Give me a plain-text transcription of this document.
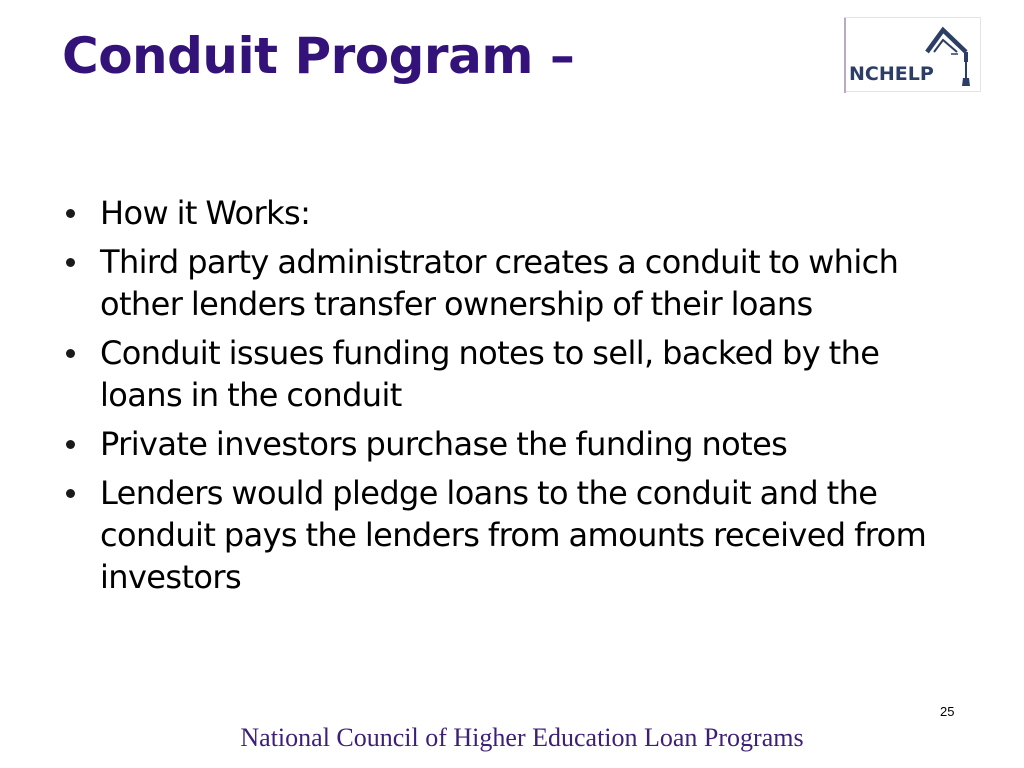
Conduit Program –	NCHELP
How it Works:
Third party administrator creates a conduit to which other lenders transfer ownership of their loans
Conduit issues funding notes to sell, backed by the loans in the conduit
Private investors purchase the funding notes
Lenders would pledge loans to the conduit and the conduit pays the lenders from amounts received from investors
25
National Council of Higher Education Loan Programs
